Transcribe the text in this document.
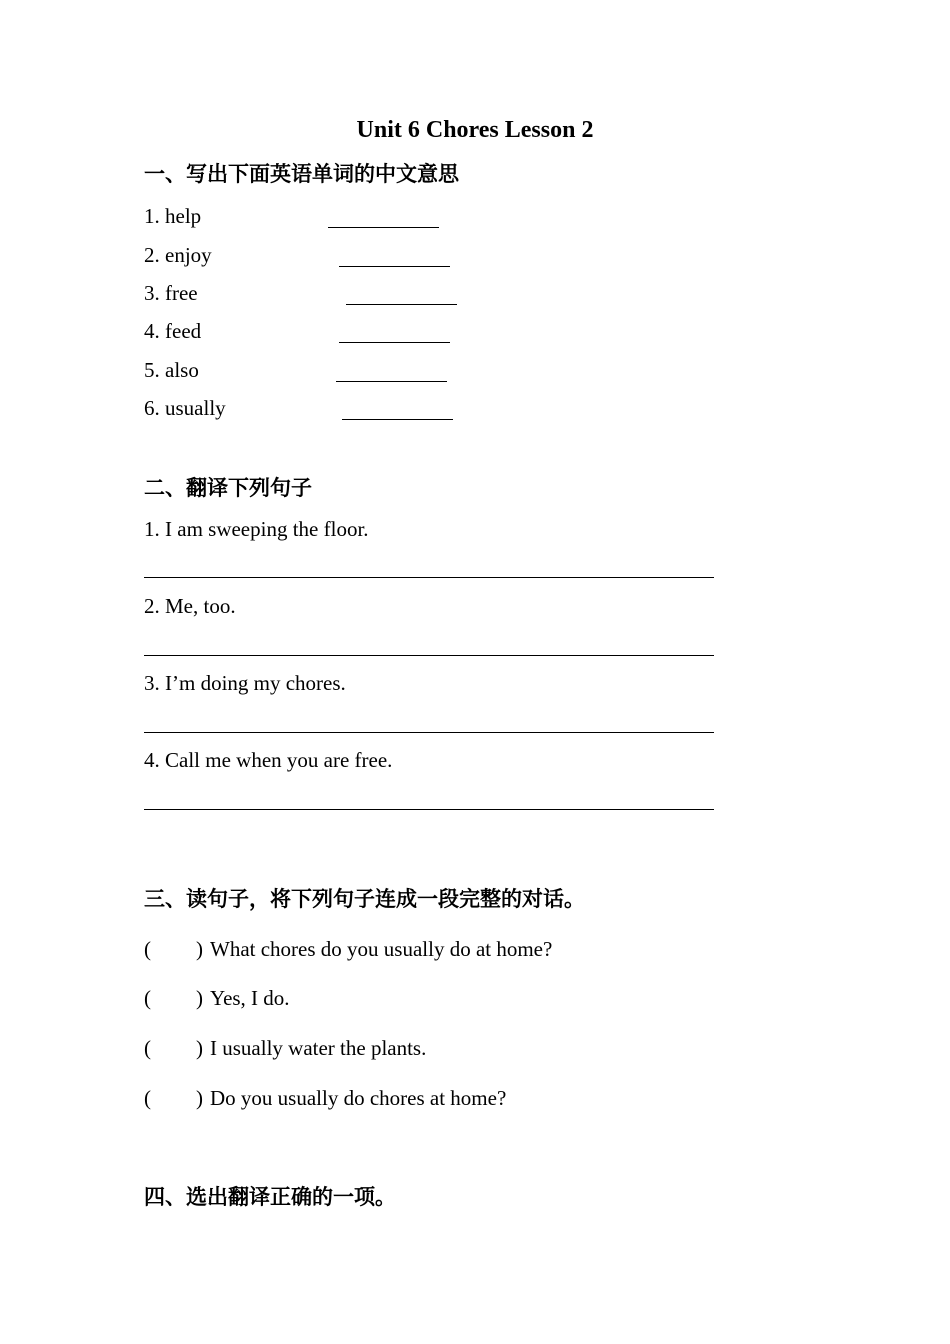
Unit 6 Chores Lesson 2
一、写出下面英语单词的中文意思
1. help
2. enjoy
3. free
4. feed
5. also
6. usually
二、翻译下列句子
1. I am sweeping the floor.
2. Me, too.
3. I’m doing my chores.
4. Call me when you are free.
三、读句子，将下列句子连成一段完整的对话。
( ) What chores do you usually do at home?
( ) Yes, I do.
( ) I usually water the plants.
( ) Do you usually do chores at home?
四、选出翻译正确的一项。
